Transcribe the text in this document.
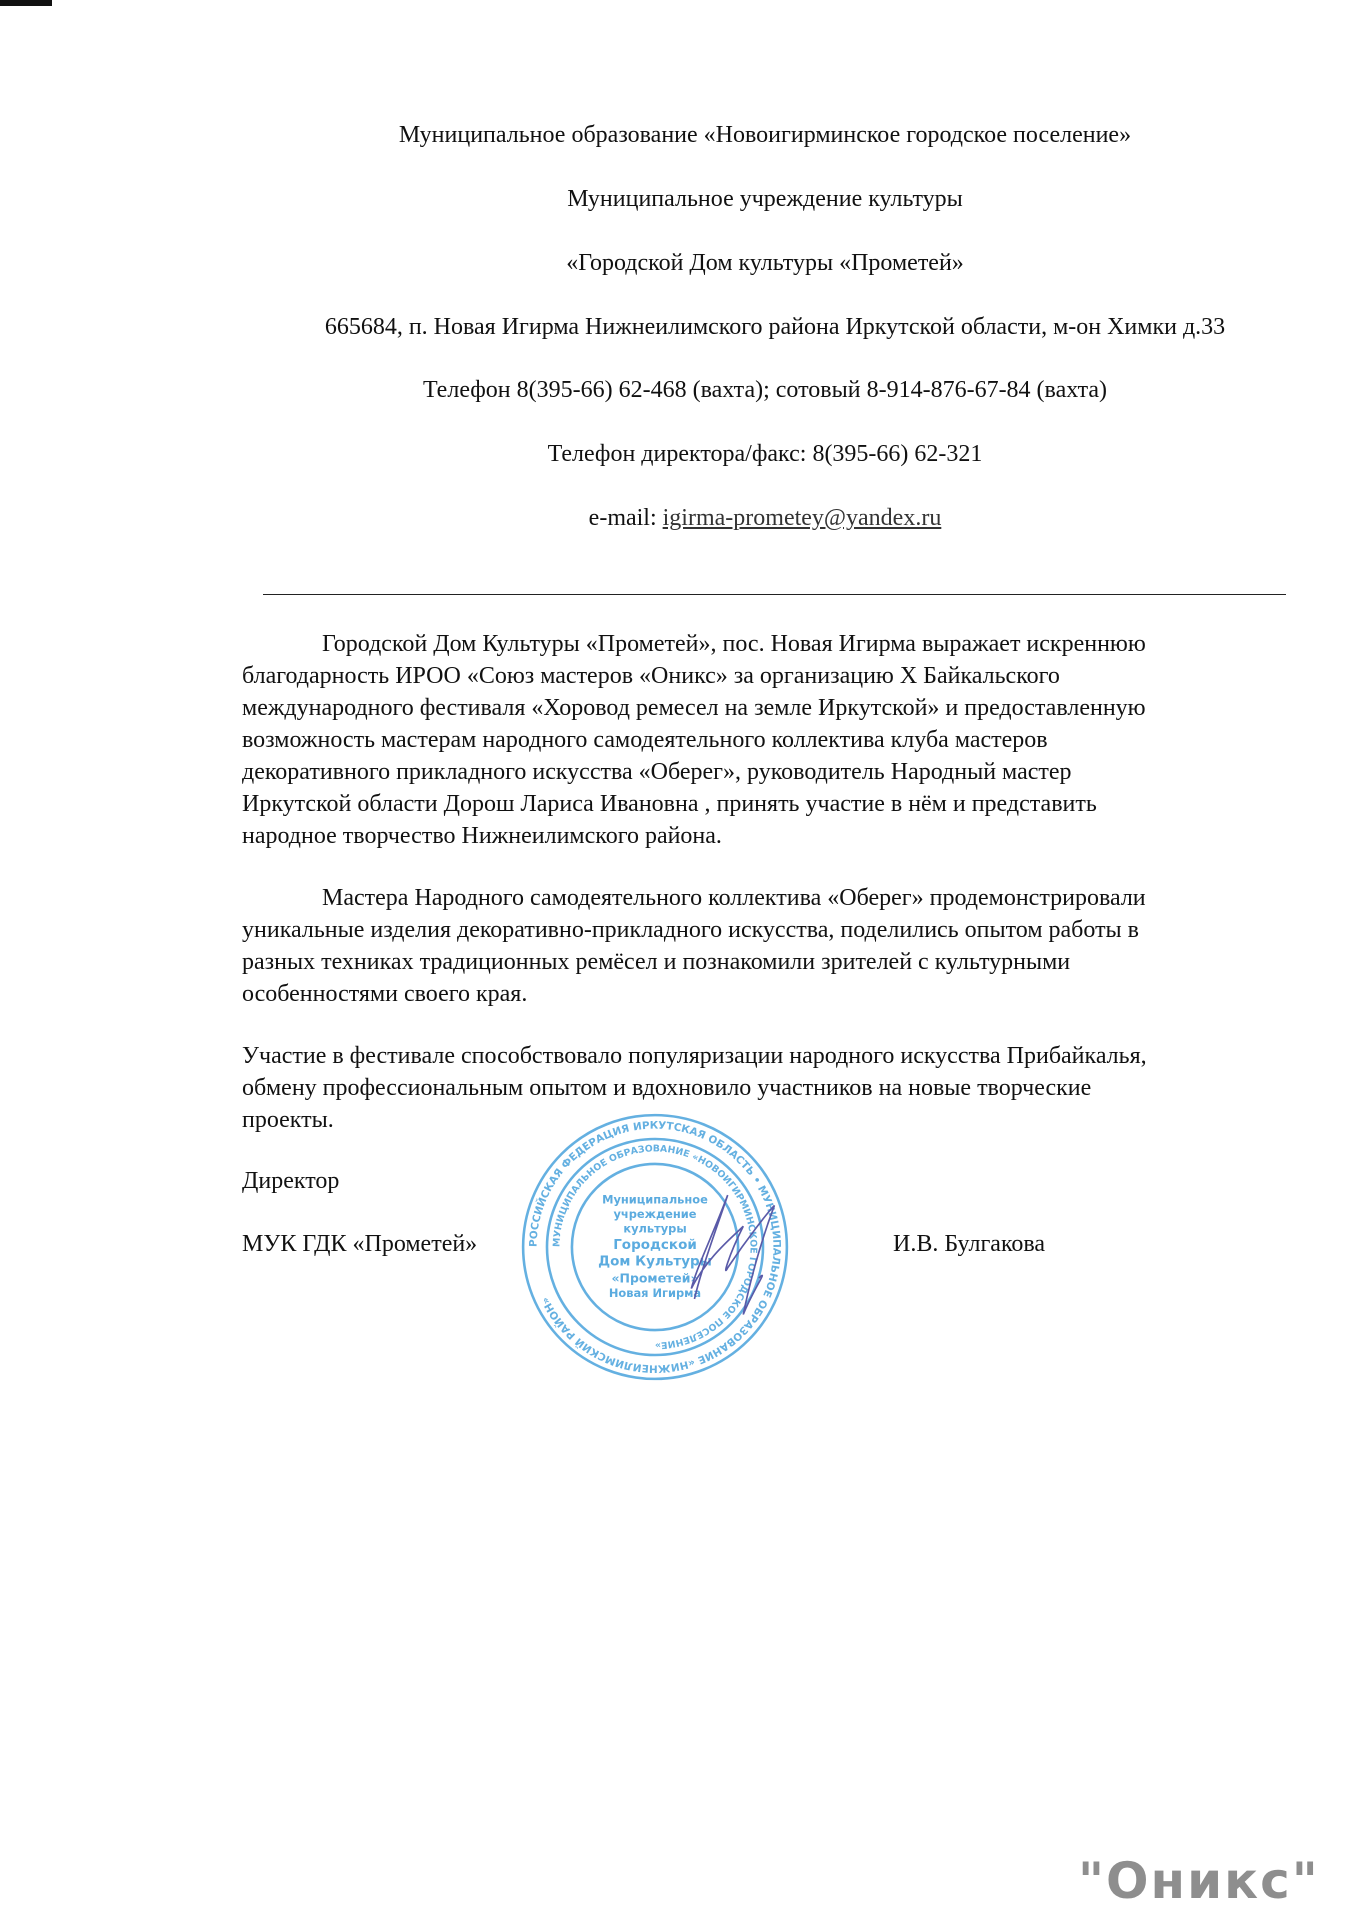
Муниципальное образование «Новоигирминское городское поселение»
Муниципальное учреждение культуры
«Городской Дом культуры «Прометей»
665684, п. Новая Игирма Нижнеилимского района Иркутской области, м-он Химки д.33
Телефон 8(395-66) 62-468 (вахта); сотовый 8-914-876-67-84 (вахта)
Телефон директора/факс: 8(395-66) 62-321
e-mail: igirma-prometey@yandex.ru
Городской Дом Культуры «Прометей», пос. Новая Игирма выражает искреннюю
благодарность ИРОО «Союз мастеров «Оникс» за организацию Х Байкальского
международного фестиваля «Хоровод ремесел на земле Иркутской» и предоставленную
возможность мастерам народного самодеятельного коллектива клуба мастеров
декоративного прикладного искусства «Оберег», руководитель Народный мастер
Иркутской области Дорош Лариса Ивановна , принять участие в нём и представить
народное творчество Нижнеилимского района.
Мастера Народного самодеятельного коллектива «Оберег» продемонстрировали
уникальные изделия декоративно-прикладного искусства, поделились опытом работы в
разных техниках традиционных ремёсел и познакомили зрителей с культурными
особенностями своего края.
Участие в фестивале способствовало популяризации народного искусства Прибайкалья,
обмену профессиональным опытом и вдохновило участников на новые творческие
проекты.
РОССИЙСКАЯ ФЕДЕРАЦИЯ ИРКУТСКАЯ ОБЛАСТЬ • МУНИЦИПАЛЬНОЕ ОБРАЗОВАНИЕ «НИЖНЕИЛИМСКИЙ РАЙОН»
МУНИЦИПАЛЬНОЕ ОБРАЗОВАНИЕ «НОВОИГИРМИНСКОЕ ГОРОДСКОЕ ПОСЕЛЕНИЕ»
Муниципальное
учреждение
культуры
Городской
Дом Культуры
«Прометей»
Новая Игирма
Директор
МУК ГДК «Прометей»	И.В. Булгакова
"Оникс"
